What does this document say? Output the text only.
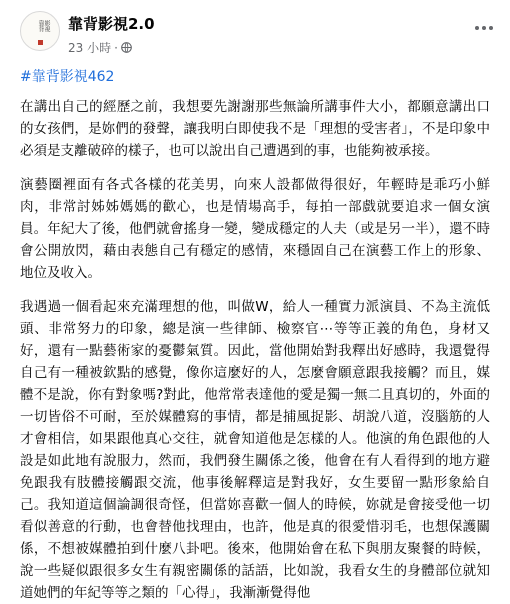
靠背 影視 靠背影視2.0
23 小時 ·
#靠背影視462

在講出自己的經歷之前，我想要先謝謝那些無論所講事件大小，都願意講出口的女孩們，是妳們的發聲，讓我明白即使我不是「理想的受害者」，不是印象中必須是支離破碎的樣子，也可以說出自己遭遇到的事，也能夠被承接。

演藝圈裡面有各式各樣的花美男，向來人設都做得很好，年輕時是乖巧小鮮肉，非常討姊姊媽媽的歡心，也是情場高手，每拍一部戲就要追求一個女演員。年紀大了後，他們就會搖身一變，變成穩定的人夫（或是另一半），還不時會公開放閃，藉由表態自己有穩定的感情，來穩固自己在演藝工作上的形象、地位及收入。

我遇過一個看起來充滿理想的他，叫做W，給人一種實力派演員、不為主流低頭、非常努力的印象，總是演一些律師、檢察官⋯等等正義的角色，身材又好，還有一點藝術家的憂鬱氣質。因此，當他開始對我釋出好感時，我還覺得自己有一種被欽點的感覺，像你這麼好的人，怎麼會願意跟我接觸？而且，媒體不是說，你有對象嗎?對此，他常常表達他的愛是獨一無二且真切的，外面的一切皆俗不可耐，至於媒體寫的事情，都是捕風捉影、胡說八道，沒腦筋的人才會相信，如果跟他真心交往，就會知道他是怎樣的人。他演的角色跟他的人設是如此地有說服力，然而，我們發生關係之後，他會在有人看得到的地方避免跟我有肢體接觸跟交流，他事後解釋這是對我好，女生要留一點形象給自己。我知道這個論調很奇怪，但當妳喜歡一個人的時候，妳就是會接受他一切看似善意的行動，也會替他找理由，也許，他是真的很愛惜羽毛，也想保護關係，不想被媒體拍到什麼八卦吧。後來，他開始會在私下與朋友聚餐的時候，說一些疑似跟很多女生有親密關係的話語，比如說，我看女生的身體部位就知道她們的年紀等等之類的「心得」，我漸漸覺得他
